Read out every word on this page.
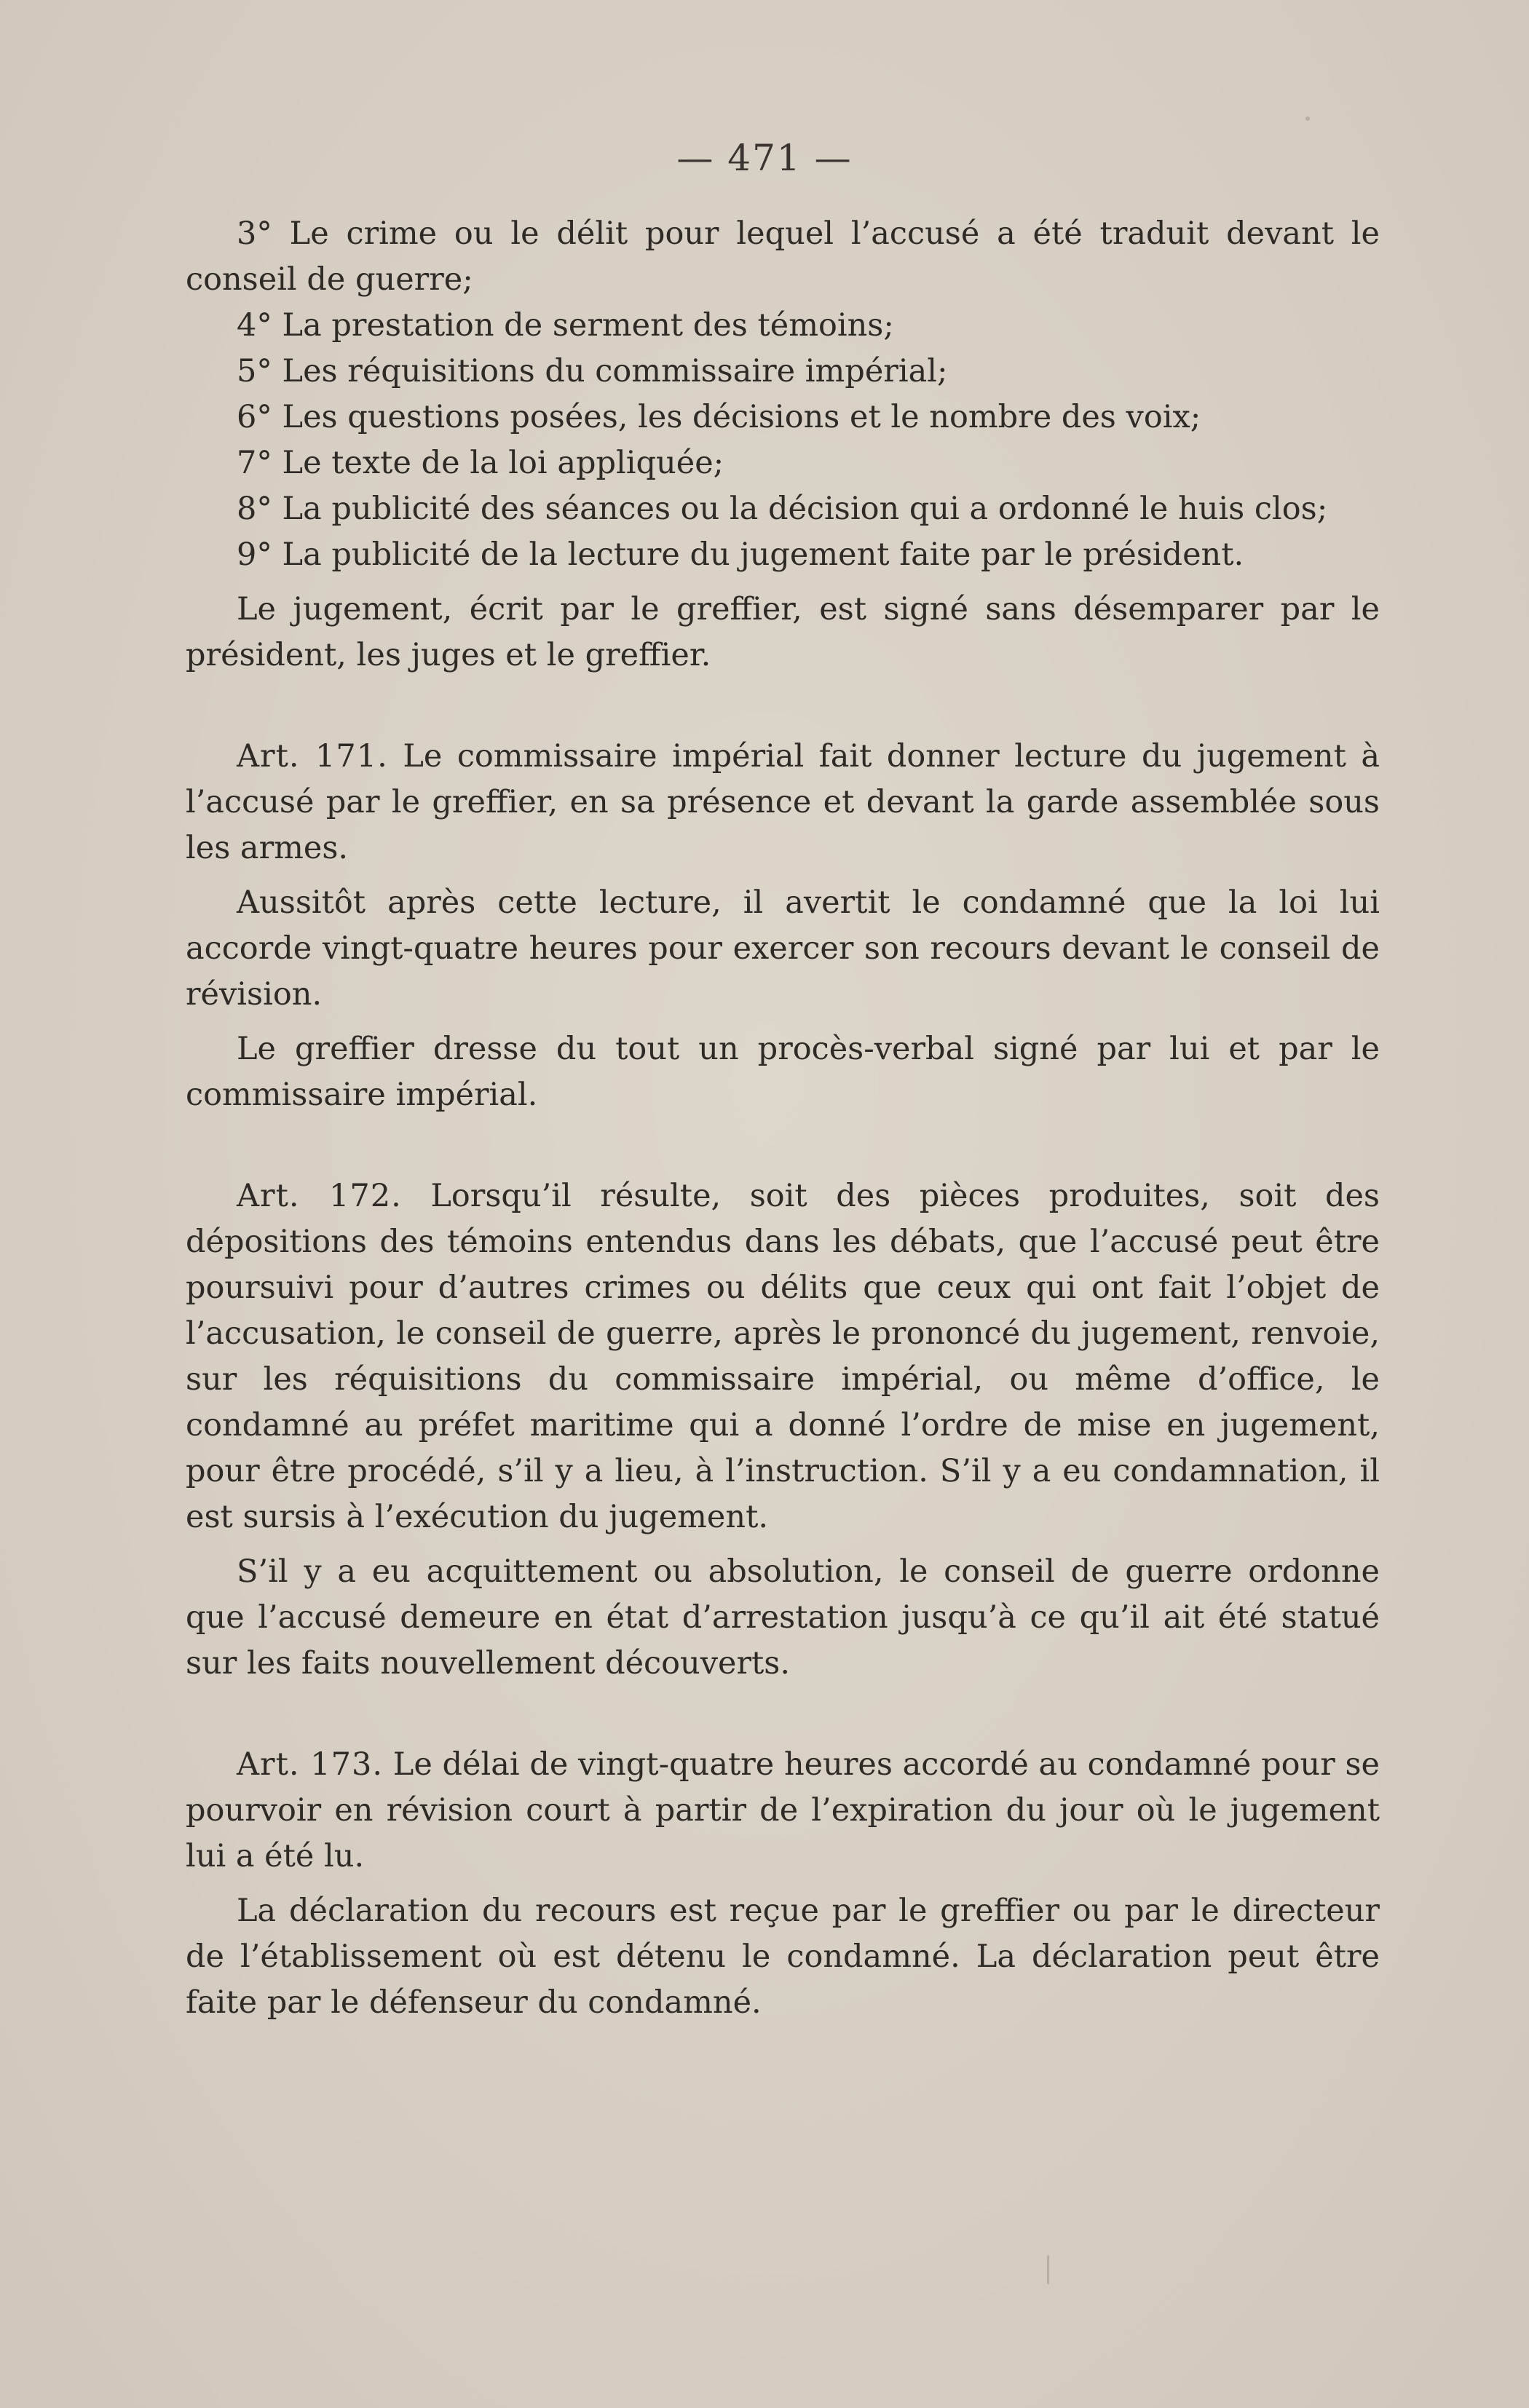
— 471 —

3° Le crime ou le délit pour lequel l’accusé a été traduit devant le conseil de guerre;

4° La prestation de serment des témoins;

5° Les réquisitions du commissaire impérial;

6° Les questions posées, les décisions et le nombre des voix;

7° Le texte de la loi appliquée;

8° La publicité des séances ou la décision qui a ordonné le huis clos;

9° La publicité de la lecture du jugement faite par le président.

Le jugement, écrit par le greffier, est signé sans désemparer par le président, les juges et le greffier.

Art. 171. Le commissaire impérial fait donner lecture du jugement à l’accusé par le greffier, en sa présence et devant la garde assemblée sous les armes.

Aussitôt après cette lecture, il avertit le condamné que la loi lui accorde vingt-quatre heures pour exercer son recours devant le conseil de révision.

Le greffier dresse du tout un procès-verbal signé par lui et par le commissaire impérial.

Art. 172. Lorsqu’il résulte, soit des pièces produites, soit des dépositions des témoins entendus dans les débats, que l’accusé peut être poursuivi pour d’autres crimes ou délits que ceux qui ont fait l’objet de l’accusation, le conseil de guerre, après le prononcé du jugement, renvoie, sur les réquisitions du commissaire impérial, ou même d’office, le condamné au préfet maritime qui a donné l’ordre de mise en jugement, pour être procédé, s’il y a lieu, à l’instruction. S’il y a eu condamnation, il est sursis à l’exécution du jugement.

S’il y a eu acquittement ou absolution, le conseil de guerre ordonne que l’accusé demeure en état d’arrestation jusqu’à ce qu’il ait été statué sur les faits nouvellement découverts.

Art. 173. Le délai de vingt-quatre heures accordé au condamné pour se pourvoir en révision court à partir de l’expiration du jour où le jugement lui a été lu.

La déclaration du recours est reçue par le greffier ou par le directeur de l’établissement où est détenu le condamné. La déclaration peut être faite par le défenseur du condamné.
